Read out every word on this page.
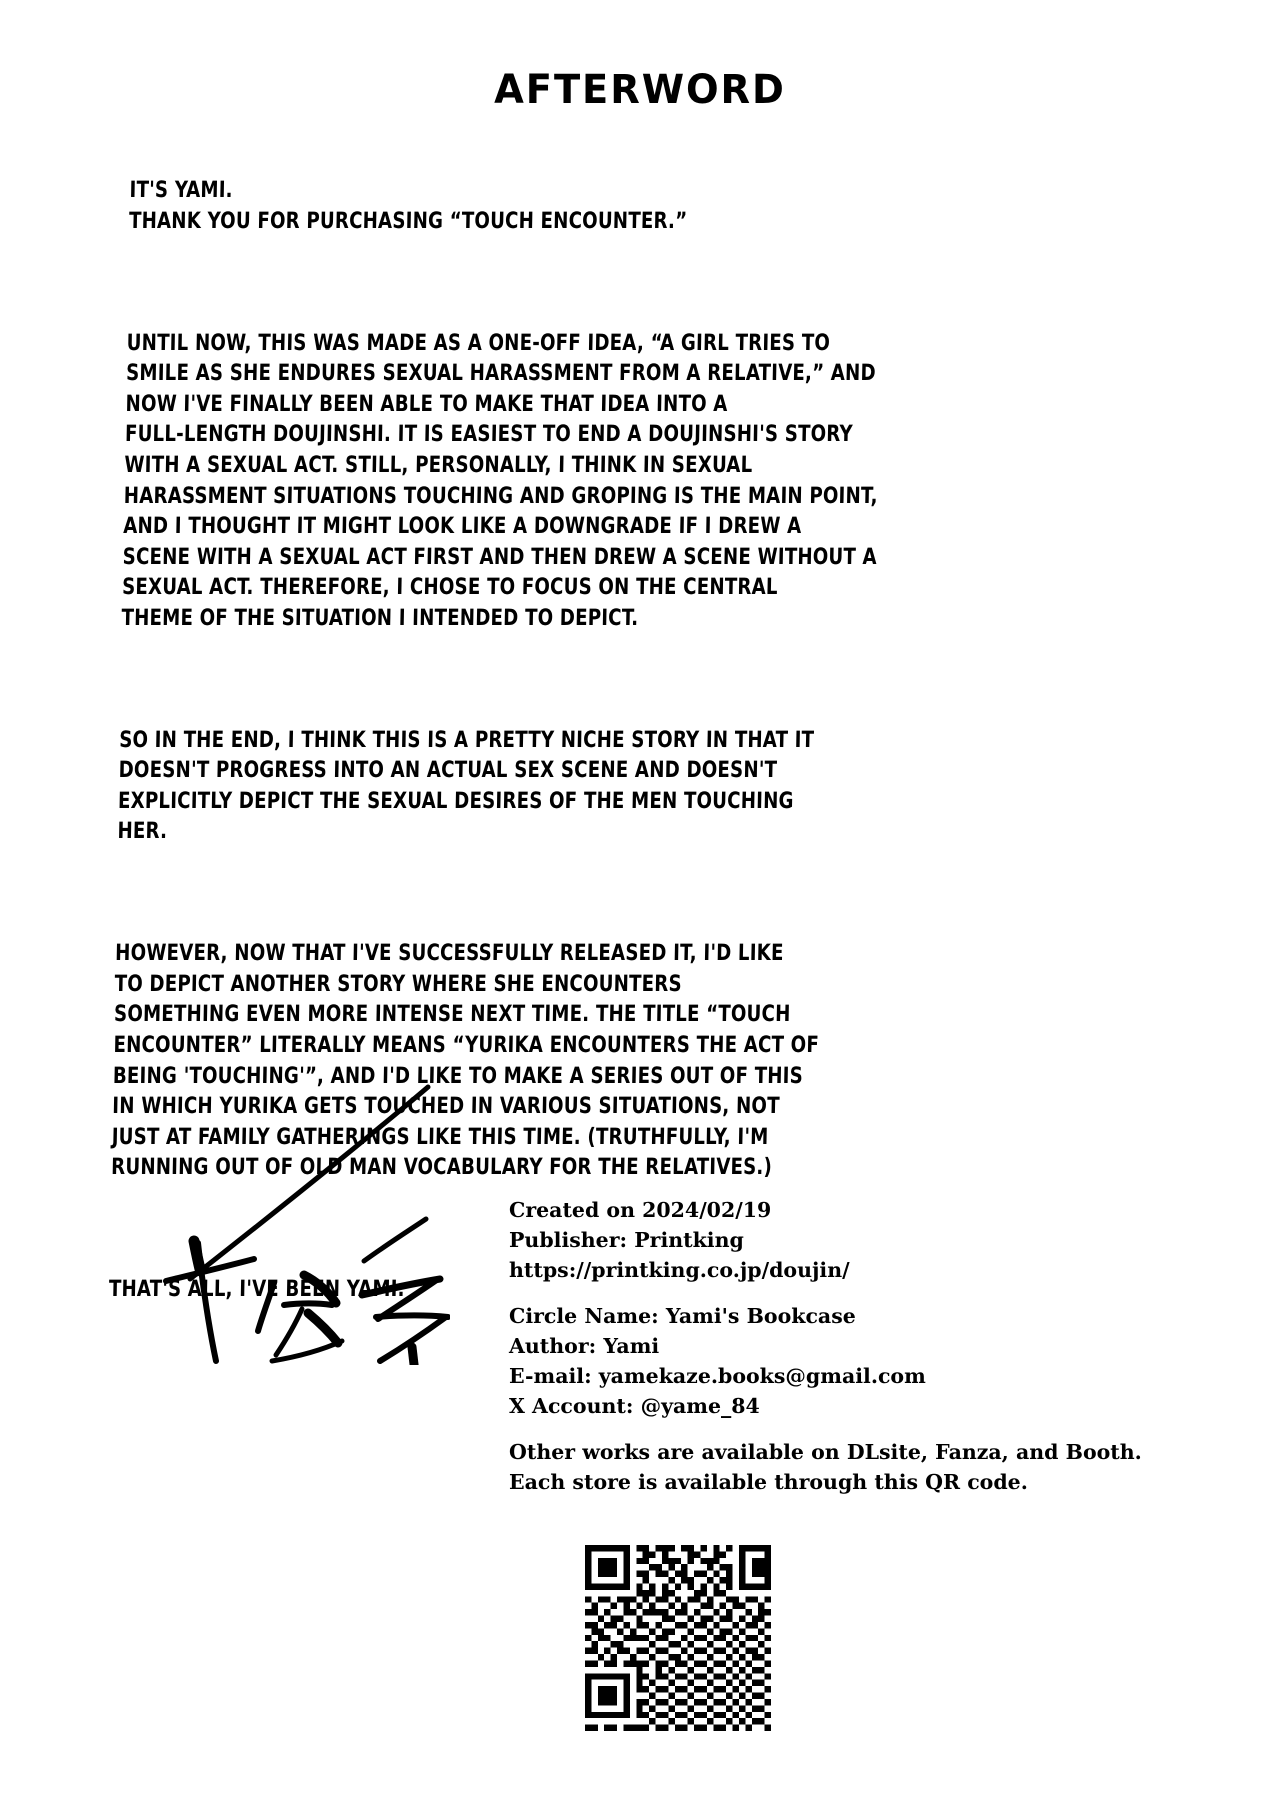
AFTERWORD

IT'S YAMI.
THANK YOU FOR PURCHASING “TOUCH ENCOUNTER.”

UNTIL NOW, THIS WAS MADE AS A ONE-OFF IDEA, “A GIRL TRIES TO
SMILE AS SHE ENDURES SEXUAL HARASSMENT FROM A RELATIVE,” AND
NOW I'VE FINALLY BEEN ABLE TO MAKE THAT IDEA INTO A
FULL-LENGTH DOUJINSHI. IT IS EASIEST TO END A DOUJINSHI'S STORY
WITH A SEXUAL ACT. STILL, PERSONALLY, I THINK IN SEXUAL
HARASSMENT SITUATIONS TOUCHING AND GROPING IS THE MAIN POINT,
AND I THOUGHT IT MIGHT LOOK LIKE A DOWNGRADE IF I DREW A
SCENE WITH A SEXUAL ACT FIRST AND THEN DREW A SCENE WITHOUT A
SEXUAL ACT. THEREFORE, I CHOSE TO FOCUS ON THE CENTRAL
THEME OF THE SITUATION I INTENDED TO DEPICT.

SO IN THE END, I THINK THIS IS A PRETTY NICHE STORY IN THAT IT
DOESN'T PROGRESS INTO AN ACTUAL SEX SCENE AND DOESN'T
EXPLICITLY DEPICT THE SEXUAL DESIRES OF THE MEN TOUCHING
HER.

HOWEVER, NOW THAT I'VE SUCCESSFULLY RELEASED IT, I'D LIKE
TO DEPICT ANOTHER STORY WHERE SHE ENCOUNTERS
SOMETHING EVEN MORE INTENSE NEXT TIME. THE TITLE “TOUCH
ENCOUNTER” LITERALLY MEANS “YURIKA ENCOUNTERS THE ACT OF
BEING 'TOUCHING'”, AND I'D LIKE TO MAKE A SERIES OUT OF THIS
IN WHICH YURIKA GETS TOUCHED IN VARIOUS SITUATIONS, NOT
JUST AT FAMILY GATHERINGS LIKE THIS TIME. (TRUTHFULLY, I'M
RUNNING OUT OF OLD MAN VOCABULARY FOR THE RELATIVES.)

THAT'S ALL, I'VE BEEN YAMI.

Created on 2024/02/19
Publisher: Printking
https://printking.co.jp/doujin/
Circle Name: Yami's Bookcase
Author: Yami
E-mail: yamekaze.books@gmail.com
X Account: @yame_84
Other works are available on DLsite, Fanza, and Booth.
Each store is available through this QR code.
